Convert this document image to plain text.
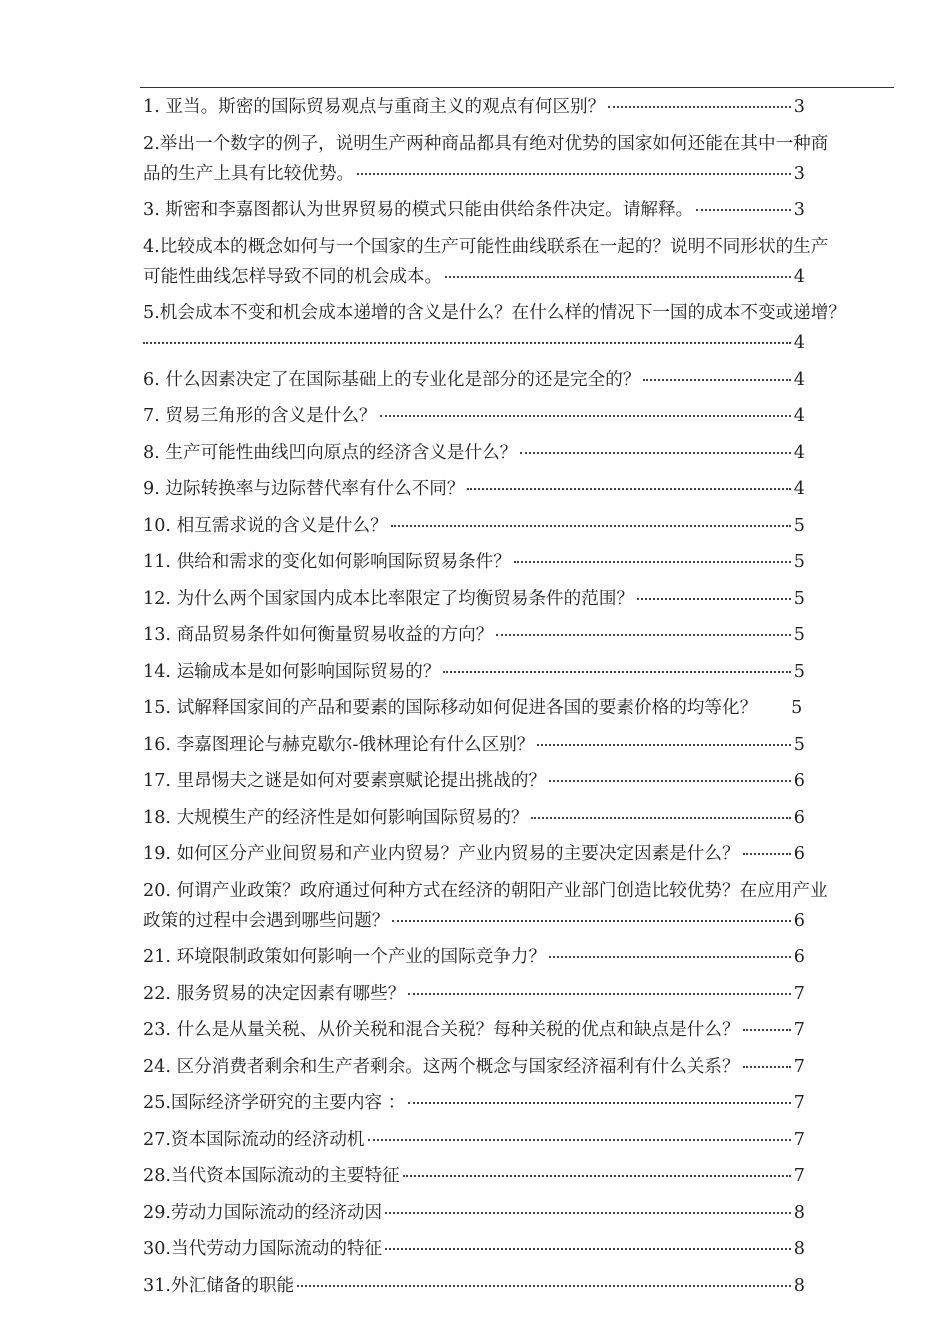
1. 亚当。斯密的国际贸易观点与重商主义的观点有何区别？	3
2.举出一个数字的例子，说明生产两种商品都具有绝对优势的国家如何还能在其中一种商
品的生产上具有比较优势。	3
3. 斯密和李嘉图都认为世界贸易的模式只能由供给条件决定。请解释。	3
4.比较成本的概念如何与一个国家的生产可能性曲线联系在一起的？说明不同形状的生产
可能性曲线怎样导致不同的机会成本。	4
5.机会成本不变和机会成本递增的含义是什么？在什么样的情况下一国的成本不变或递增？
4
6. 什么因素决定了在国际基础上的专业化是部分的还是完全的？	4
7. 贸易三角形的含义是什么？	4
8. 生产可能性曲线凹向原点的经济含义是什么？	4
9. 边际转换率与边际替代率有什么不同？	4
10. 相互需求说的含义是什么？	5
11. 供给和需求的变化如何影响国际贸易条件？	5
12. 为什么两个国家国内成本比率限定了均衡贸易条件的范围？	5
13. 商品贸易条件如何衡量贸易收益的方向？	5
14. 运输成本是如何影响国际贸易的？	5
15. 试解释国家间的产品和要素的国际移动如何促进各国的要素价格的均等化？ 5
16. 李嘉图理论与赫克歇尔-俄林理论有什么区别？	5
17. 里昂惕夫之谜是如何对要素禀赋论提出挑战的？	6
18. 大规模生产的经济性是如何影响国际贸易的？	6
19. 如何区分产业间贸易和产业内贸易？产业内贸易的主要决定因素是什么？	6
20. 何谓产业政策？政府通过何种方式在经济的朝阳产业部门创造比较优势？在应用产业
政策的过程中会遇到哪些问题？	6
21. 环境限制政策如何影响一个产业的国际竞争力？	6
22. 服务贸易的决定因素有哪些？	7
23. 什么是从量关税、从价关税和混合关税？每种关税的优点和缺点是什么？	7
24. 区分消费者剩余和生产者剩余。这两个概念与国家经济福利有什么关系？	7
25.国际经济学研究的主要内容 ：	7
27.资本国际流动的经济动机	7
28.当代资本国际流动的主要特征	7
29.劳动力国际流动的经济动因	8
30.当代劳动力国际流动的特征	8
31.外汇储备的职能	8
